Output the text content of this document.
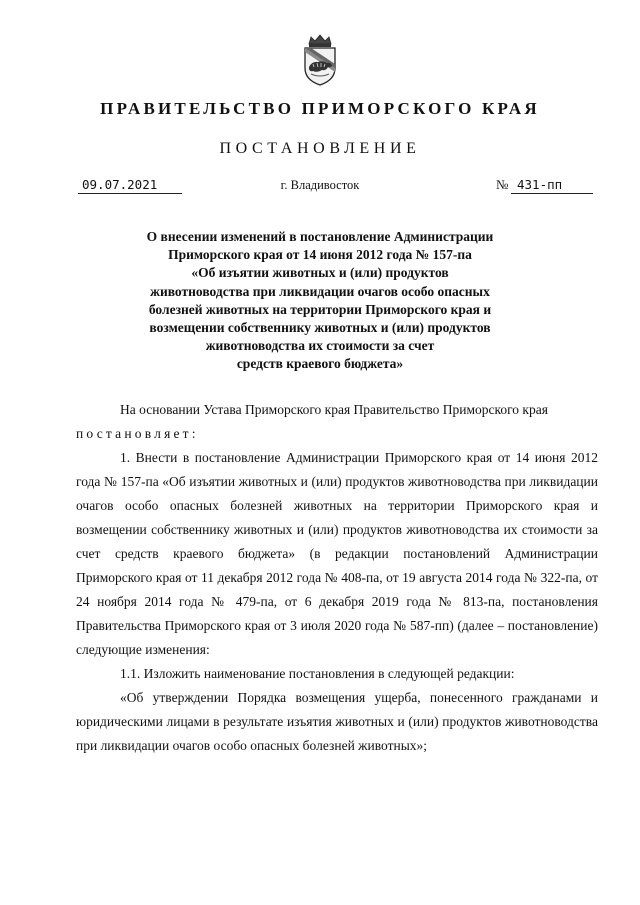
ПРАВИТЕЛЬСТВО ПРИМОРСКОГО КРАЯ
ПОСТАНОВЛЕНИЕ
09.07.2021	г. Владивосток	№ 431-пп
О внесении изменений в постановление Администрации
Приморского края от 14 июня 2012 года № 157-па
«Об изъятии животных и (или) продуктов
животноводства при ликвидации очагов особо опасных
болезней животных на территории Приморского края и
возмещении собственнику животных и (или) продуктов
животноводства их стоимости за счет
средств краевого бюджета»

На основании Устава Приморского края Правительство Приморского края

постановляет:

1. Внести в постановление Администрации Приморского края от 14 июня 2012 года № 157-па «Об изъятии животных и (или) продуктов животноводства при ликвидации очагов особо опасных болезней животных на территории Приморского края и возмещении собственнику животных и (или) продуктов животноводства их стоимости за счет средств краевого бюджета» (в редакции постановлений Администрации Приморского края от 11 декабря 2012 года № 408-па, от 19 августа 2014 года № 322-па, от 24 ноября 2014 года № 479-па, от 6 декабря 2019 года № 813-па, постановления Правительства Приморского края от 3 июля 2020 года № 587-пп) (далее – постановление) следующие изменения:

1.1. Изложить наименование постановления в следующей редакции:

«Об утверждении Порядка возмещения ущерба, понесенного гражданами и юридическими лицами в результате изъятия животных и (или) продуктов животноводства при ликвидации очагов особо опасных болезней животных»;
